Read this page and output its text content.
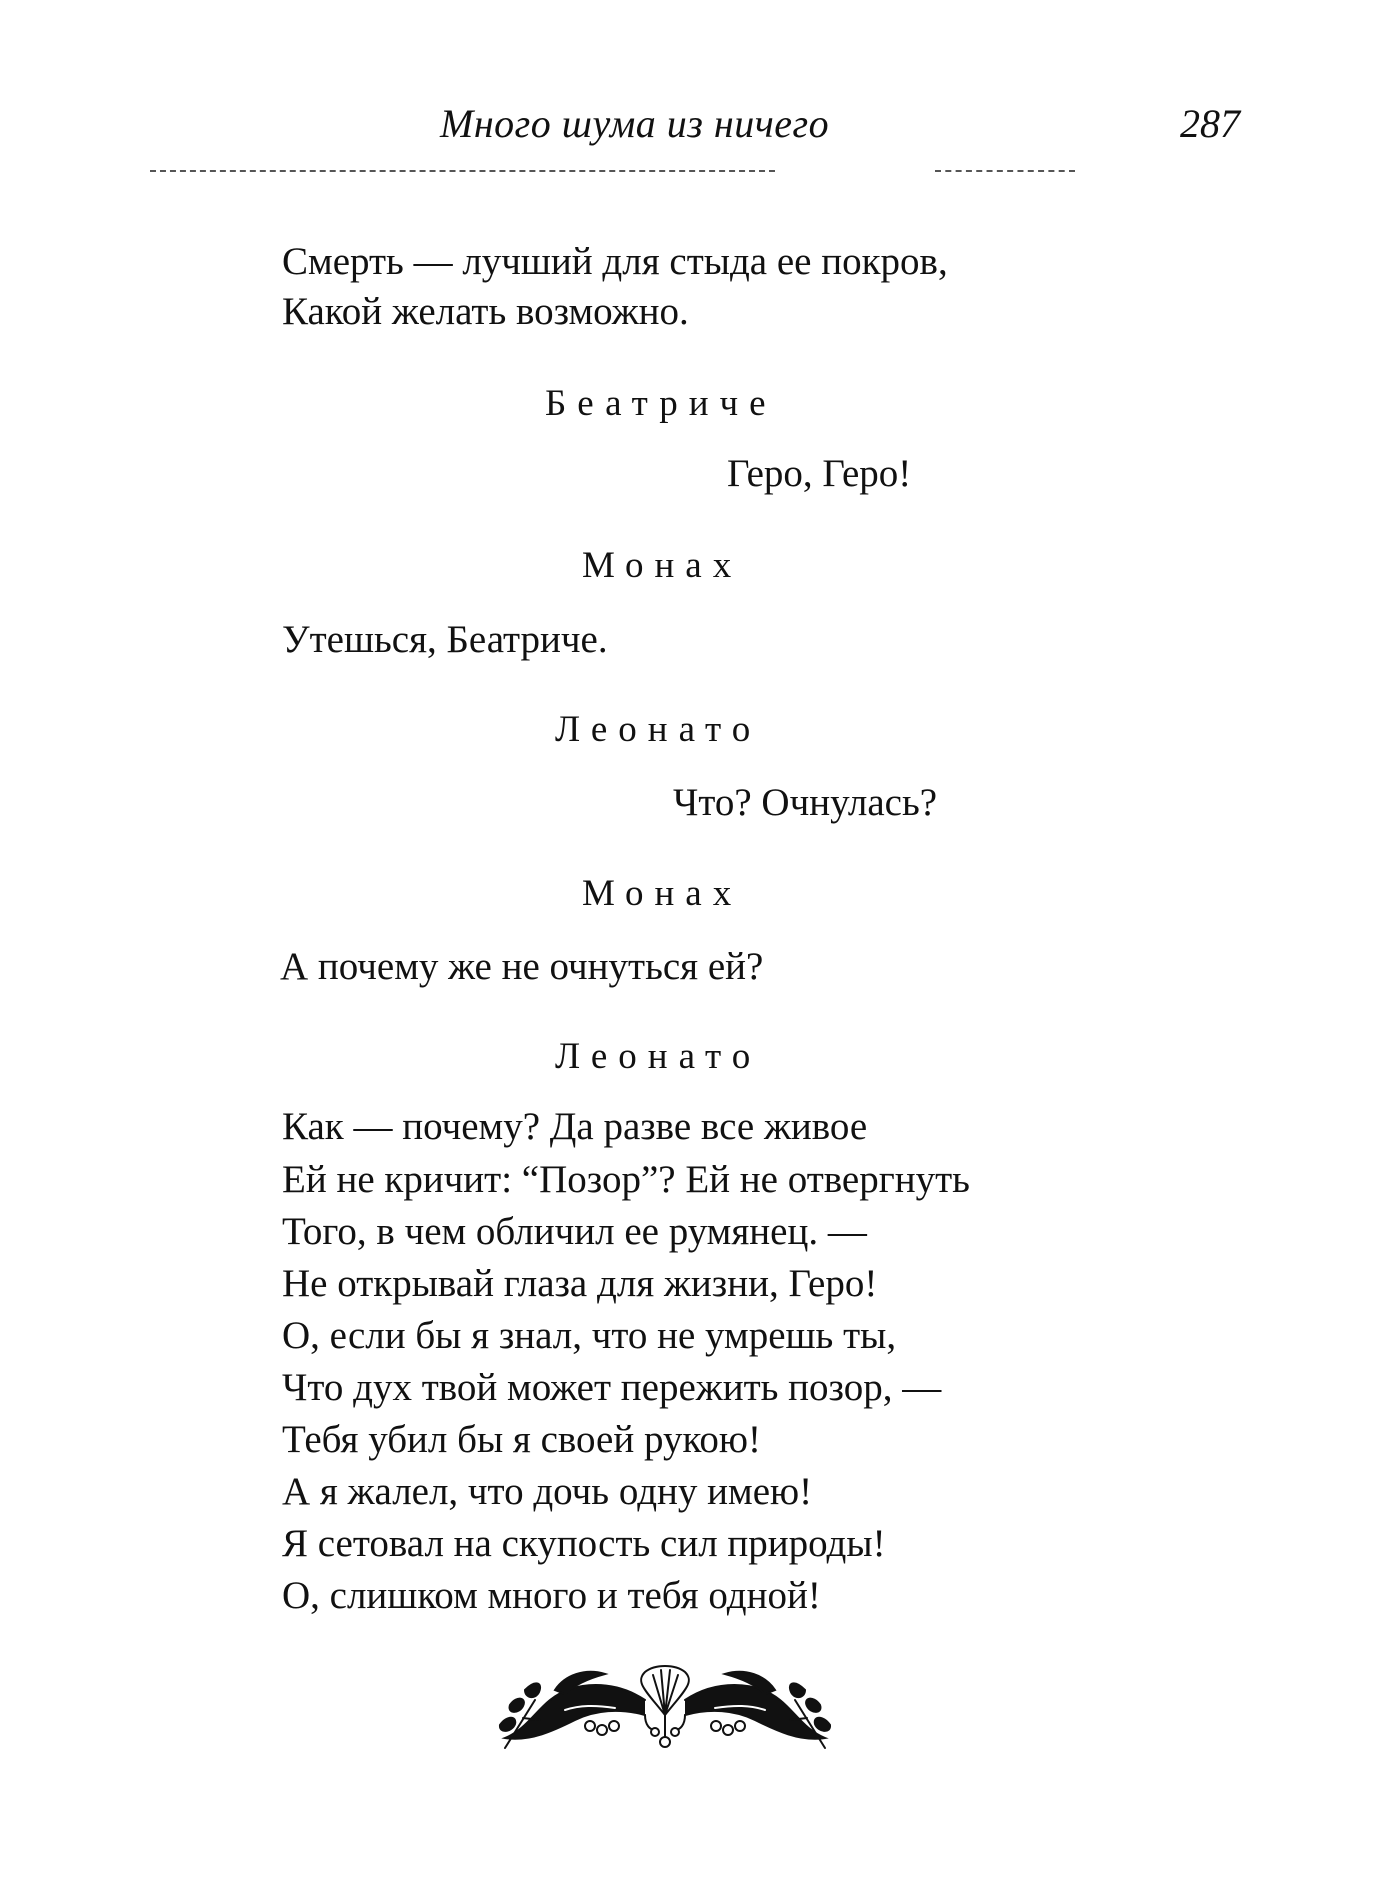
Много шума из ничего	287
Смерть — лучший для стыда ее покров,
Какой желать возможно.
Беатриче
Геро, Геро!
Монах
Утешься, Беатриче.
Леонато
Что? Очнулась?
Монах
А почему же не очнуться ей?
Леонато
Как — почему? Да разве все живое
Ей не кричит: “Позор”? Ей не отвергнуть
Того, в чем обличил ее румянец. —
Не открывай глаза для жизни, Геро!
О, если бы я знал, что не умрешь ты,
Что дух твой может пережить позор, —
Тебя убил бы я своей рукою!
А я жалел, что дочь одну имею!
Я сетовал на скупость сил природы!
О, слишком много и тебя одной!
